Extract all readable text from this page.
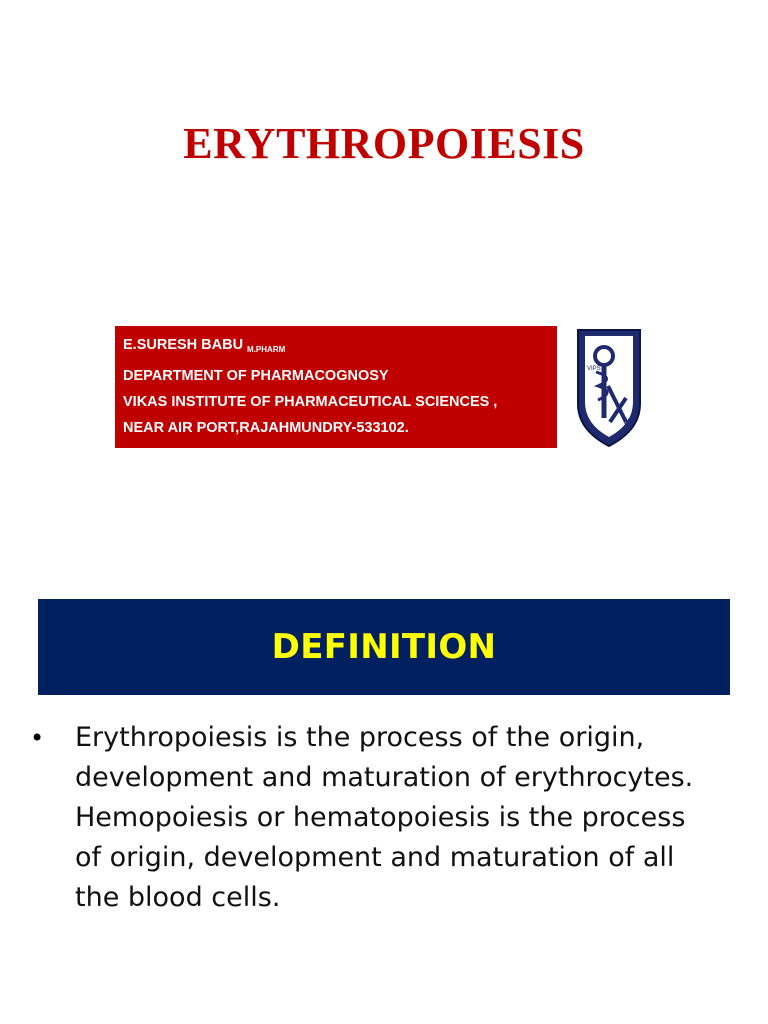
ERYTHROPOIESIS
E.SURESH BABU $_{M.PHARM}$
DEPARTMENT OF PHARMACOGNOSY
VIKAS INSTITUTE OF PHARMACEUTICAL SCIENCES ,
NEAR AIR PORT,RAJAHMUNDRY-533102.	x
VIPS
DEFINITION
•	Erythropoiesis is the process of the origin, development and maturation of erythrocytes. Hemopoiesis or hematopoiesis is the process of origin, development and maturation of all the blood cells.
